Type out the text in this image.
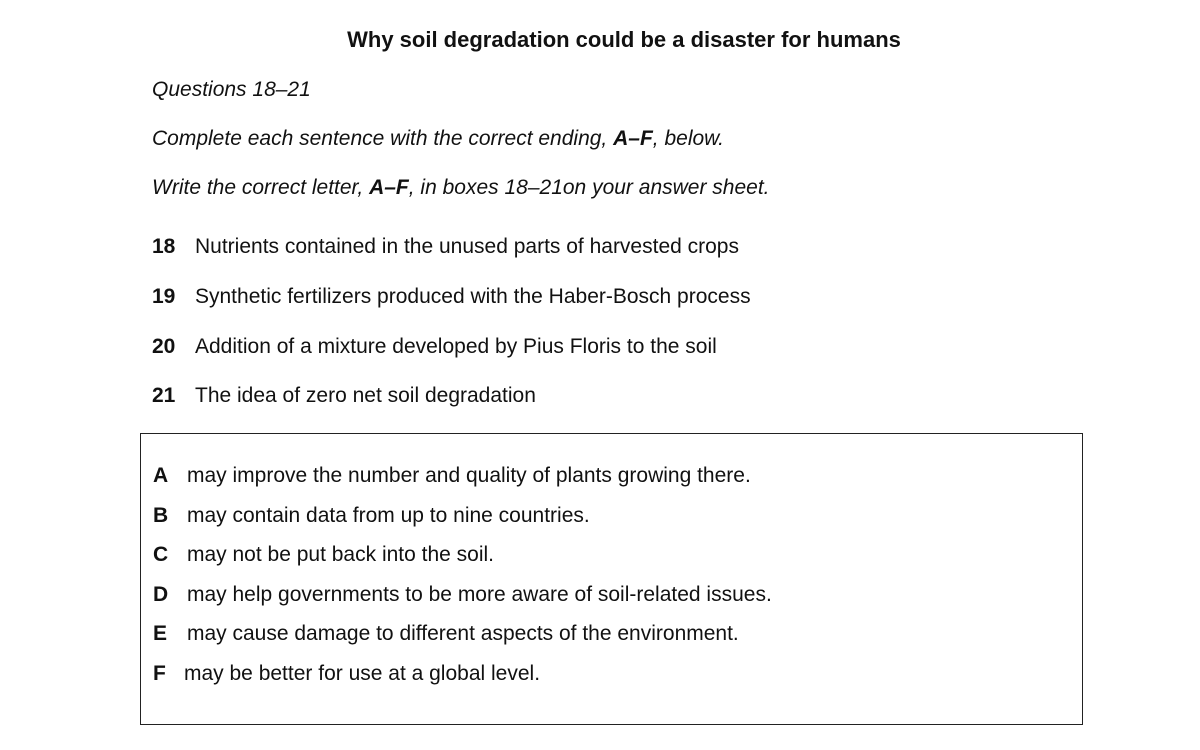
Why soil degradation could be a disaster for humans
Questions 18–21
Complete each sentence with the correct ending, A–F, below.
Write the correct letter, A–F, in boxes 18–21on your answer sheet.
18 Nutrients contained in the unused parts of harvested crops
19 Synthetic fertilizers produced with the Haber-Bosch process
20 Addition of a mixture developed by Pius Floris to the soil
21 The idea of zero net soil degradation
A may improve the number and quality of plants growing there.
B may contain data from up to nine countries.
C may not be put back into the soil.
D may help governments to be more aware of soil-related issues.
E may cause damage to different aspects of the environment.
F may be better for use at a global level.
